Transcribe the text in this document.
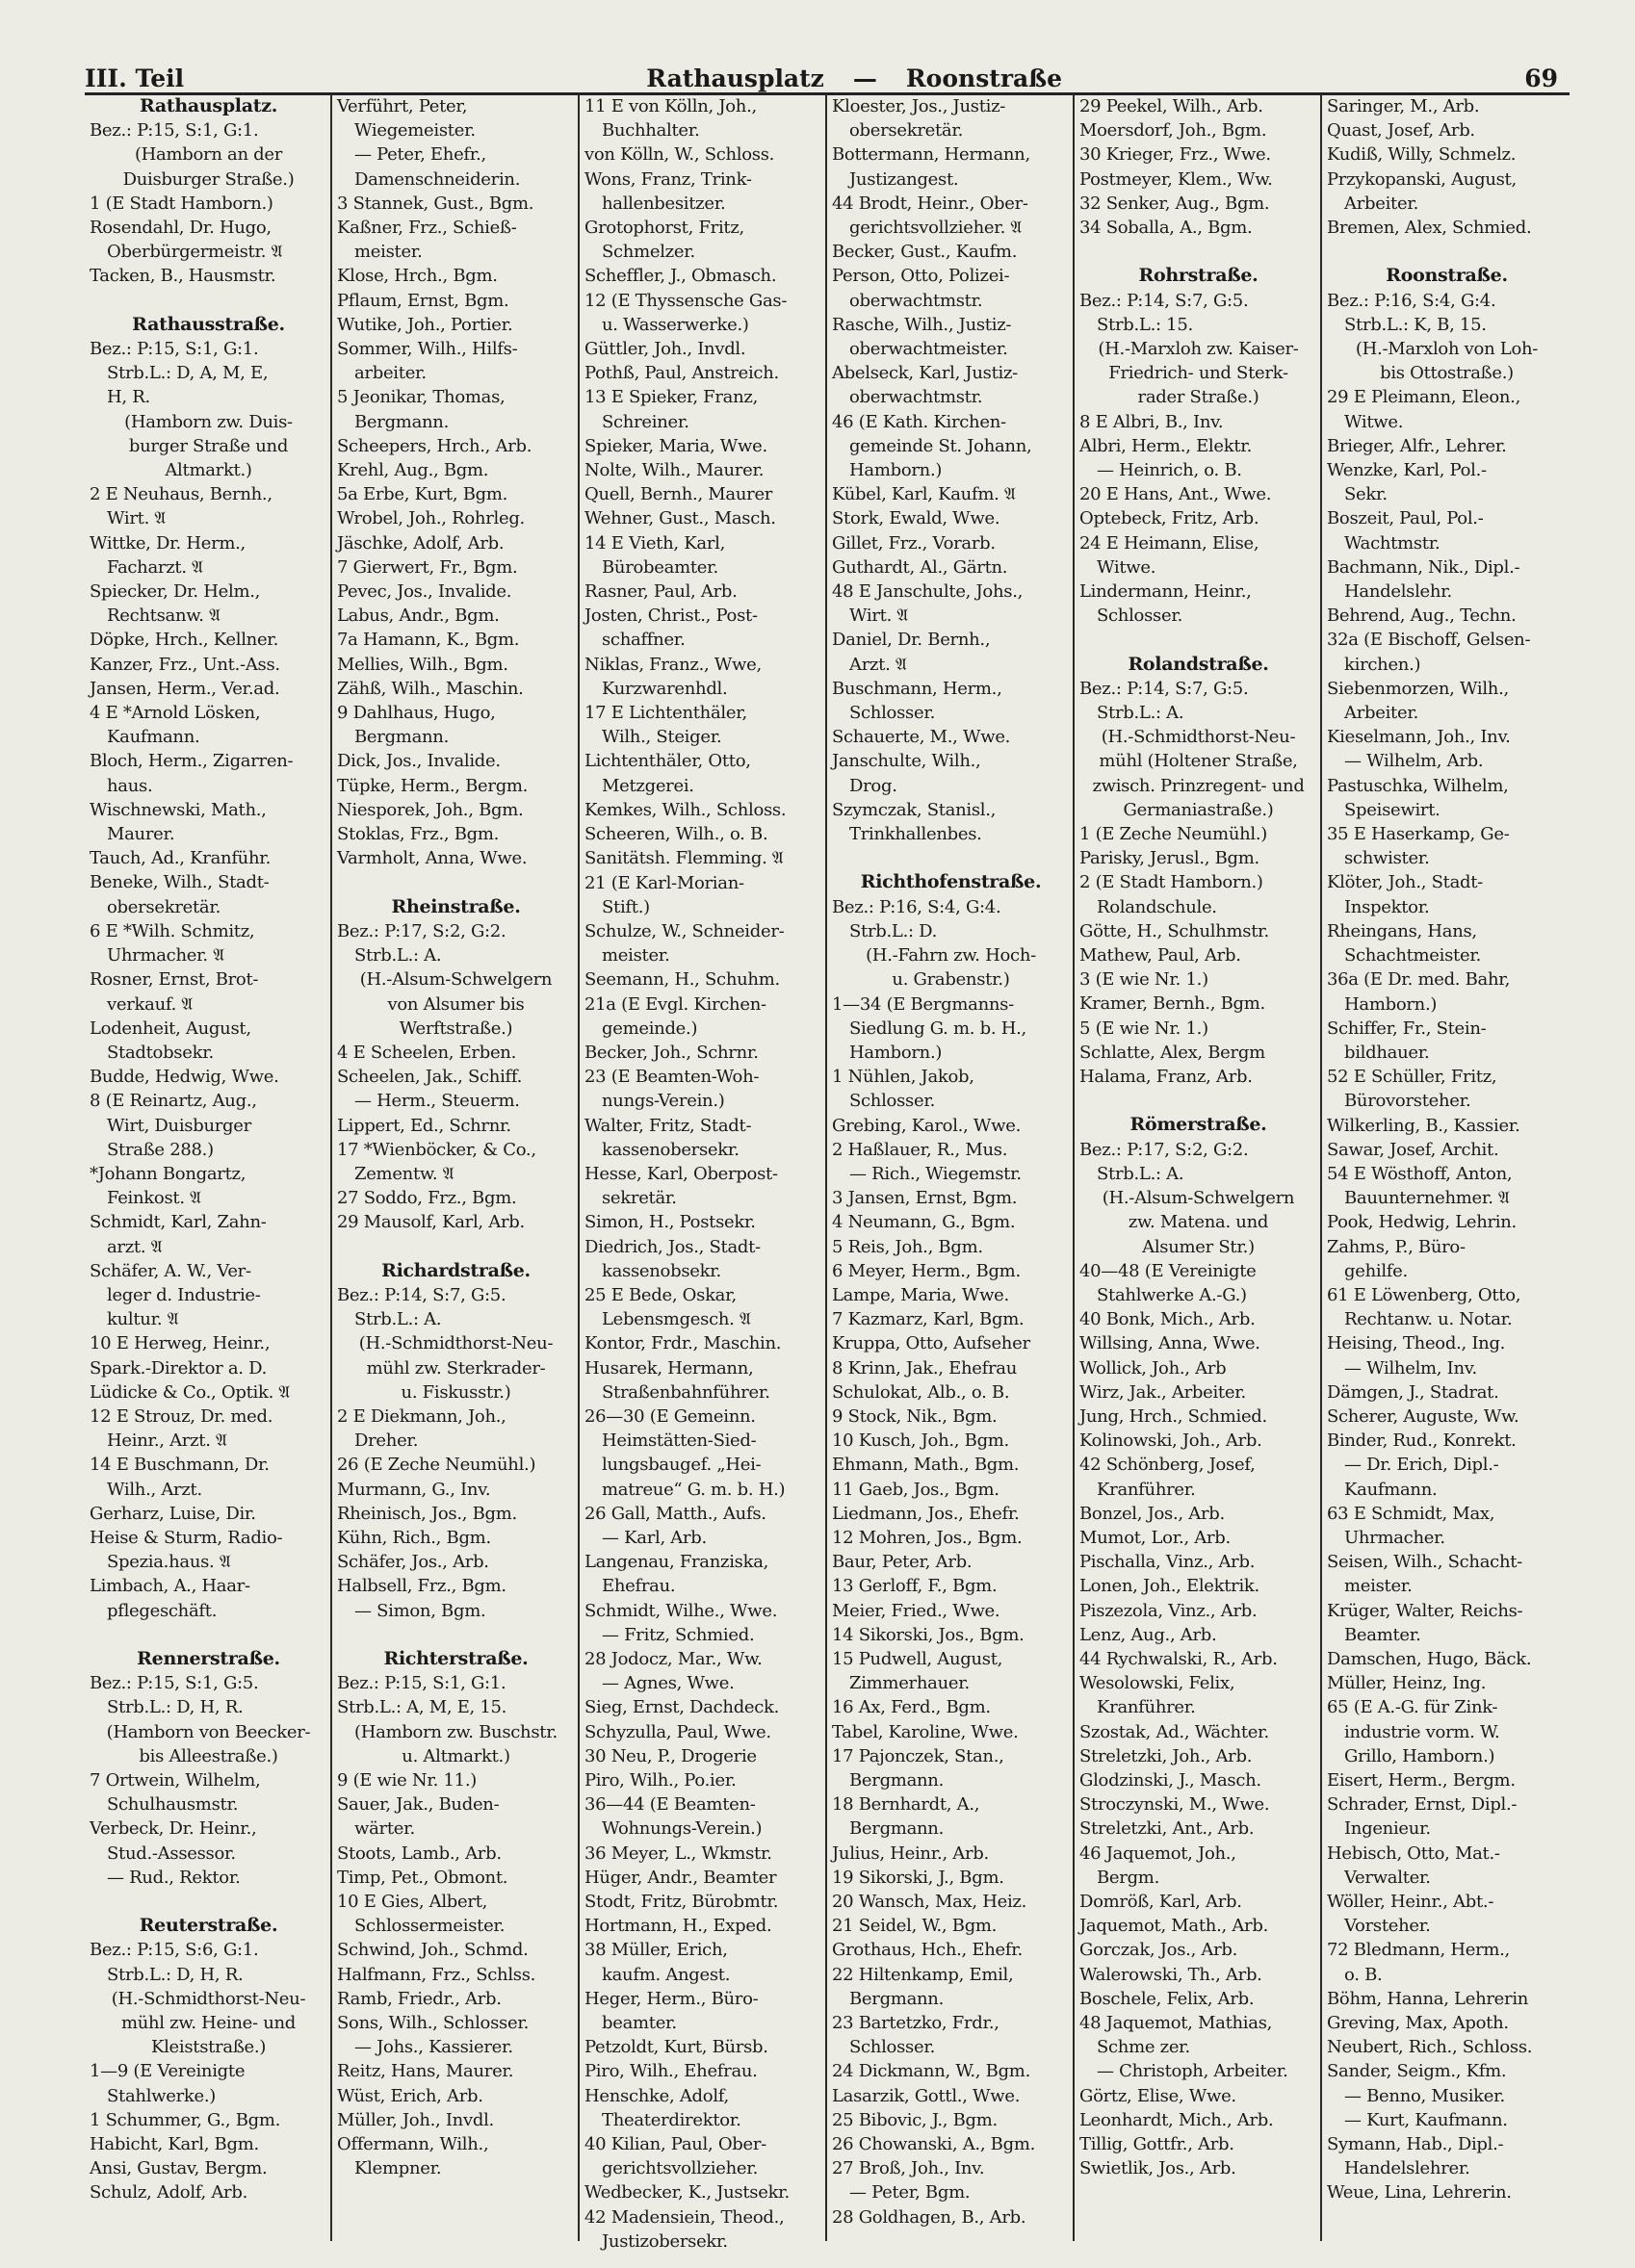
III. Teil	Rathausplatz — Roonstraße	69
Rathausplatz.
Bez.: P:15, S:1, G:1.
(Hamborn an der
Duisburger Straße.)
1 (E Stadt Hamborn.)
Rosendahl, Dr. Hugo,
Oberbürgermeistr. 𝔄
Tacken, B., Hausmstr.
Rathausstraße.
Bez.: P:15, S:1, G:1.
Strb.L.: D, A, M, E,
H, R.
(Hamborn zw. Duis-
burger Straße und
Altmarkt.)
2 E Neuhaus, Bernh.,
Wirt. 𝔄
Wittke, Dr. Herm.,
Facharzt. 𝔄
Spiecker, Dr. Helm.,
Rechtsanw. 𝔄
Döpke, Hrch., Kellner.
Kanzer, Frz., Unt.-Ass.
Jansen, Herm., Ver.ad.
4 E *Arnold Lösken,
Kaufmann.
Bloch, Herm., Zigarren-
haus.
Wischnewski, Math.,
Maurer.
Tauch, Ad., Kranführ.
Beneke, Wilh., Stadt-
obersekretär.
6 E *Wilh. Schmitz,
Uhrmacher. 𝔄
Rosner, Ernst, Brot-
verkauf. 𝔄
Lodenheit, August,
Stadtobsekr.
Budde, Hedwig, Wwe.
8 (E Reinartz, Aug.,
Wirt, Duisburger
Straße 288.)
*Johann Bongartz,
Feinkost. 𝔄
Schmidt, Karl, Zahn-
arzt. 𝔄
Schäfer, A. W., Ver-
leger d. Industrie-
kultur. 𝔄
10 E Herweg, Heinr.,
Spark.-Direktor a. D.
Lüdicke & Co., Optik. 𝔄
12 E Strouz, Dr. med.
Heinr., Arzt. 𝔄
14 E Buschmann, Dr.
Wilh., Arzt.
Gerharz, Luise, Dir.
Heise & Sturm, Radio-
Spezia.haus. 𝔄
Limbach, A., Haar-
pflegeschäft.
Rennerstraße.
Bez.: P:15, S:1, G:5.
Strb.L.: D, H, R.
(Hamborn von Beecker-
bis Alleestraße.)
7 Ortwein, Wilhelm,
Schulhausmstr.
Verbeck, Dr. Heinr.,
Stud.-Assessor.
— Rud., Rektor.
Reuterstraße.
Bez.: P:15, S:6, G:1.
Strb.L.: D, H, R.
(H.-Schmidthorst-Neu-
mühl zw. Heine- und
Kleiststraße.)
1—9 (E Vereinigte
Stahlwerke.)
1 Schummer, G., Bgm.
Habicht, Karl, Bgm.
Ansi, Gustav, Bergm.
Schulz, Adolf, Arb.
Verführt, Peter,
Wiegemeister.
— Peter, Ehefr.,
Damenschneiderin.
3 Stannek, Gust., Bgm.
Kaßner, Frz., Schieß-
meister.
Klose, Hrch., Bgm.
Pflaum, Ernst, Bgm.
Wutike, Joh., Portier.
Sommer, Wilh., Hilfs-
arbeiter.
5 Jeonikar, Thomas,
Bergmann.
Scheepers, Hrch., Arb.
Krehl, Aug., Bgm.
5a Erbe, Kurt, Bgm.
Wrobel, Joh., Rohrleg.
Jäschke, Adolf, Arb.
7 Gierwert, Fr., Bgm.
Pevec, Jos., Invalide.
Labus, Andr., Bgm.
7a Hamann, K., Bgm.
Mellies, Wilh., Bgm.
Zähß, Wilh., Maschin.
9 Dahlhaus, Hugo,
Bergmann.
Dick, Jos., Invalide.
Tüpke, Herm., Bergm.
Niesporek, Joh., Bgm.
Stoklas, Frz., Bgm.
Varmholt, Anna, Wwe.
Rheinstraße.
Bez.: P:17, S:2, G:2.
Strb.L.: A.
(H.-Alsum-Schwelgern
von Alsumer bis
Werftstraße.)
4 E Scheelen, Erben.
Scheelen, Jak., Schiff.
— Herm., Steuerm.
Lippert, Ed., Schrnr.
17 *Wienböcker, & Co.,
Zementw. 𝔄
27 Soddo, Frz., Bgm.
29 Mausolf, Karl, Arb.
Richardstraße.
Bez.: P:14, S:7, G:5.
Strb.L.: A.
(H.-Schmidthorst-Neu-
mühl zw. Sterkrader-
u. Fiskusstr.)
2 E Diekmann, Joh.,
Dreher.
26 (E Zeche Neumühl.)
Murmann, G., Inv.
Rheinisch, Jos., Bgm.
Kühn, Rich., Bgm.
Schäfer, Jos., Arb.
Halbsell, Frz., Bgm.
— Simon, Bgm.
Richterstraße.
Bez.: P:15, S:1, G:1.
Strb.L.: A, M, E, 15.
(Hamborn zw. Buschstr.
u. Altmarkt.)
9 (E wie Nr. 11.)
Sauer, Jak., Buden-
wärter.
Stoots, Lamb., Arb.
Timp, Pet., Obmont.
10 E Gies, Albert,
Schlossermeister.
Schwind, Joh., Schmd.
Halfmann, Frz., Schlss.
Ramb, Friedr., Arb.
Sons, Wilh., Schlosser.
— Johs., Kassierer.
Reitz, Hans, Maurer.
Wüst, Erich, Arb.
Müller, Joh., Invdl.
Offermann, Wilh.,
Klempner.
11 E von Kölln, Joh.,
Buchhalter.
von Kölln, W., Schloss.
Wons, Franz, Trink-
hallenbesitzer.
Grotophorst, Fritz,
Schmelzer.
Scheffler, J., Obmasch.
12 (E Thyssensche Gas-
u. Wasserwerke.)
Güttler, Joh., Invdl.
Pothß, Paul, Anstreich.
13 E Spieker, Franz,
Schreiner.
Spieker, Maria, Wwe.
Nolte, Wilh., Maurer.
Quell, Bernh., Maurer
Wehner, Gust., Masch.
14 E Vieth, Karl,
Bürobeamter.
Rasner, Paul, Arb.
Josten, Christ., Post-
schaffner.
Niklas, Franz., Wwe,
Kurzwarenhdl.
17 E Lichtenthäler,
Wilh., Steiger.
Lichtenthäler, Otto,
Metzgerei.
Kemkes, Wilh., Schloss.
Scheeren, Wilh., o. B.
Sanitätsh. Flemming. 𝔄
21 (E Karl-Morian-
Stift.)
Schulze, W., Schneider-
meister.
Seemann, H., Schuhm.
21a (E Evgl. Kirchen-
gemeinde.)
Becker, Joh., Schrnr.
23 (E Beamten-Woh-
nungs-Verein.)
Walter, Fritz, Stadt-
kassenobersekr.
Hesse, Karl, Oberpost-
sekretär.
Simon, H., Postsekr.
Diedrich, Jos., Stadt-
kassenobsekr.
25 E Bede, Oskar,
Lebensmgesch. 𝔄
Kontor, Frdr., Maschin.
Husarek, Hermann,
Straßenbahnführer.
26—30 (E Gemeinn.
Heimstätten-Sied-
lungsbaugef. „Hei-
matreue“ G. m. b. H.)
26 Gall, Matth., Aufs.
— Karl, Arb.
Langenau, Franziska,
Ehefrau.
Schmidt, Wilhe., Wwe.
— Fritz, Schmied.
28 Jodocz, Mar., Ww.
— Agnes, Wwe.
Sieg, Ernst, Dachdeck.
Schyzulla, Paul, Wwe.
30 Neu, P., Drogerie
Piro, Wilh., Po.ier.
36—44 (E Beamten-
Wohnungs-Verein.)
36 Meyer, L., Wkmstr.
Hüger, Andr., Beamter
Stodt, Fritz, Bürobmtr.
Hortmann, H., Exped.
38 Müller, Erich,
kaufm. Angest.
Heger, Herm., Büro-
beamter.
Petzoldt, Kurt, Bürsb.
Piro, Wilh., Ehefrau.
Henschke, Adolf,
Theaterdirektor.
40 Kilian, Paul, Ober-
gerichtsvollzieher.
Wedbecker, K., Justsekr.
42 Madensiein, Theod.,
Justizobersekr.
Kloester, Jos., Justiz-
obersekretär.
Bottermann, Hermann,
Justizangest.
44 Brodt, Heinr., Ober-
gerichtsvollzieher. 𝔄
Becker, Gust., Kaufm.
Person, Otto, Polizei-
oberwachtmstr.
Rasche, Wilh., Justiz-
oberwachtmeister.
Abelseck, Karl, Justiz-
oberwachtmstr.
46 (E Kath. Kirchen-
gemeinde St. Johann,
Hamborn.)
Kübel, Karl, Kaufm. 𝔄
Stork, Ewald, Wwe.
Gillet, Frz., Vorarb.
Guthardt, Al., Gärtn.
48 E Janschulte, Johs.,
Wirt. 𝔄
Daniel, Dr. Bernh.,
Arzt. 𝔄
Buschmann, Herm.,
Schlosser.
Schauerte, M., Wwe.
Janschulte, Wilh.,
Drog.
Szymczak, Stanisl.,
Trinkhallenbes.
Richthofenstraße.
Bez.: P:16, S:4, G:4.
Strb.L.: D.
(H.-Fahrn zw. Hoch-
u. Grabenstr.)
1—34 (E Bergmanns-
Siedlung G. m. b. H.,
Hamborn.)
1 Nühlen, Jakob,
Schlosser.
Grebing, Karol., Wwe.
2 Haßlauer, R., Mus.
— Rich., Wiegemstr.
3 Jansen, Ernst, Bgm.
4 Neumann, G., Bgm.
5 Reis, Joh., Bgm.
6 Meyer, Herm., Bgm.
Lampe, Maria, Wwe.
7 Kazmarz, Karl, Bgm.
Kruppa, Otto, Aufseher
8 Krinn, Jak., Ehefrau
Schulokat, Alb., o. B.
9 Stock, Nik., Bgm.
10 Kusch, Joh., Bgm.
Ehmann, Math., Bgm.
11 Gaeb, Jos., Bgm.
Liedmann, Jos., Ehefr.
12 Mohren, Jos., Bgm.
Baur, Peter, Arb.
13 Gerloff, F., Bgm.
Meier, Fried., Wwe.
14 Sikorski, Jos., Bgm.
15 Pudwell, August,
Zimmerhauer.
16 Ax, Ferd., Bgm.
Tabel, Karoline, Wwe.
17 Pajonczek, Stan.,
Bergmann.
18 Bernhardt, A.,
Bergmann.
Julius, Heinr., Arb.
19 Sikorski, J., Bgm.
20 Wansch, Max, Heiz.
21 Seidel, W., Bgm.
Grothaus, Hch., Ehefr.
22 Hiltenkamp, Emil,
Bergmann.
23 Bartetzko, Frdr.,
Schlosser.
24 Dickmann, W., Bgm.
Lasarzik, Gottl., Wwe.
25 Bibovic, J., Bgm.
26 Chowanski, A., Bgm.
27 Broß, Joh., Inv.
— Peter, Bgm.
28 Goldhagen, B., Arb.
29 Peekel, Wilh., Arb.
Moersdorf, Joh., Bgm.
30 Krieger, Frz., Wwe.
Postmeyer, Klem., Ww.
32 Senker, Aug., Bgm.
34 Soballa, A., Bgm.
Rohrstraße.
Bez.: P:14, S:7, G:5.
Strb.L.: 15.
(H.-Marxloh zw. Kaiser-
Friedrich- und Sterk-
rader Straße.)
8 E Albri, B., Inv.
Albri, Herm., Elektr.
— Heinrich, o. B.
20 E Hans, Ant., Wwe.
Optebeck, Fritz, Arb.
24 E Heimann, Elise,
Witwe.
Lindermann, Heinr.,
Schlosser.
Rolandstraße.
Bez.: P:14, S:7, G:5.
Strb.L.: A.
(H.-Schmidthorst-Neu-
mühl (Holtener Straße,
zwisch. Prinzregent- und
Germaniastraße.)
1 (E Zeche Neumühl.)
Parisky, Jerusl., Bgm.
2 (E Stadt Hamborn.)
Rolandschule.
Götte, H., Schulhmstr.
Mathew, Paul, Arb.
3 (E wie Nr. 1.)
Kramer, Bernh., Bgm.
5 (E wie Nr. 1.)
Schlatte, Alex, Bergm
Halama, Franz, Arb.
Römerstraße.
Bez.: P:17, S:2, G:2.
Strb.L.: A.
(H.-Alsum-Schwelgern
zw. Matena. und
Alsumer Str.)
40—48 (E Vereinigte
Stahlwerke A.-G.)
40 Bonk, Mich., Arb.
Willsing, Anna, Wwe.
Wollick, Joh., Arb
Wirz, Jak., Arbeiter.
Jung, Hrch., Schmied.
Kolinowski, Joh., Arb.
42 Schönberg, Josef,
Kranführer.
Bonzel, Jos., Arb.
Mumot, Lor., Arb.
Pischalla, Vinz., Arb.
Lonen, Joh., Elektrik.
Piszezola, Vinz., Arb.
Lenz, Aug., Arb.
44 Rychwalski, R., Arb.
Wesolowski, Felix,
Kranführer.
Szostak, Ad., Wächter.
Streletzki, Joh., Arb.
Glodzinski, J., Masch.
Stroczynski, M., Wwe.
Streletzki, Ant., Arb.
46 Jaquemot, Joh.,
Bergm.
Domröß, Karl, Arb.
Jaquemot, Math., Arb.
Gorczak, Jos., Arb.
Walerowski, Th., Arb.
Boschele, Felix, Arb.
48 Jaquemot, Mathias,
Schme zer.
— Christoph, Arbeiter.
Görtz, Elise, Wwe.
Leonhardt, Mich., Arb.
Tillig, Gottfr., Arb.
Swietlik, Jos., Arb.
Saringer, M., Arb.
Quast, Josef, Arb.
Kudiß, Willy, Schmelz.
Przykopanski, August,
Arbeiter.
Bremen, Alex, Schmied.
Roonstraße.
Bez.: P:16, S:4, G:4.
Strb.L.: K, B, 15.
(H.-Marxloh von Loh-
bis Ottostraße.)
29 E Pleimann, Eleon.,
Witwe.
Brieger, Alfr., Lehrer.
Wenzke, Karl, Pol.-
Sekr.
Boszeit, Paul, Pol.-
Wachtmstr.
Bachmann, Nik., Dipl.-
Handelslehr.
Behrend, Aug., Techn.
32a (E Bischoff, Gelsen-
kirchen.)
Siebenmorzen, Wilh.,
Arbeiter.
Kieselmann, Joh., Inv.
— Wilhelm, Arb.
Pastuschka, Wilhelm,
Speisewirt.
35 E Haserkamp, Ge-
schwister.
Klöter, Joh., Stadt-
Inspektor.
Rheingans, Hans,
Schachtmeister.
36a (E Dr. med. Bahr,
Hamborn.)
Schiffer, Fr., Stein-
bildhauer.
52 E Schüller, Fritz,
Bürovorsteher.
Wilkerling, B., Kassier.
Sawar, Josef, Archit.
54 E Wösthoff, Anton,
Bauunternehmer. 𝔄
Pook, Hedwig, Lehrin.
Zahms, P., Büro-
gehilfe.
61 E Löwenberg, Otto,
Rechtanw. u. Notar.
Heising, Theod., Ing.
— Wilhelm, Inv.
Dämgen, J., Stadrat.
Scherer, Auguste, Ww.
Binder, Rud., Konrekt.
— Dr. Erich, Dipl.-
Kaufmann.
63 E Schmidt, Max,
Uhrmacher.
Seisen, Wilh., Schacht-
meister.
Krüger, Walter, Reichs-
Beamter.
Damschen, Hugo, Bäck.
Müller, Heinz, Ing.
65 (E A.-G. für Zink-
industrie vorm. W.
Grillo, Hamborn.)
Eisert, Herm., Bergm.
Schrader, Ernst, Dipl.-
Ingenieur.
Hebisch, Otto, Mat.-
Verwalter.
Wöller, Heinr., Abt.-
Vorsteher.
72 Bledmann, Herm.,
o. B.
Böhm, Hanna, Lehrerin
Greving, Max, Apoth.
Neubert, Rich., Schloss.
Sander, Seigm., Kfm.
— Benno, Musiker.
— Kurt, Kaufmann.
Symann, Hab., Dipl.-
Handelslehrer.
Weue, Lina, Lehrerin.
